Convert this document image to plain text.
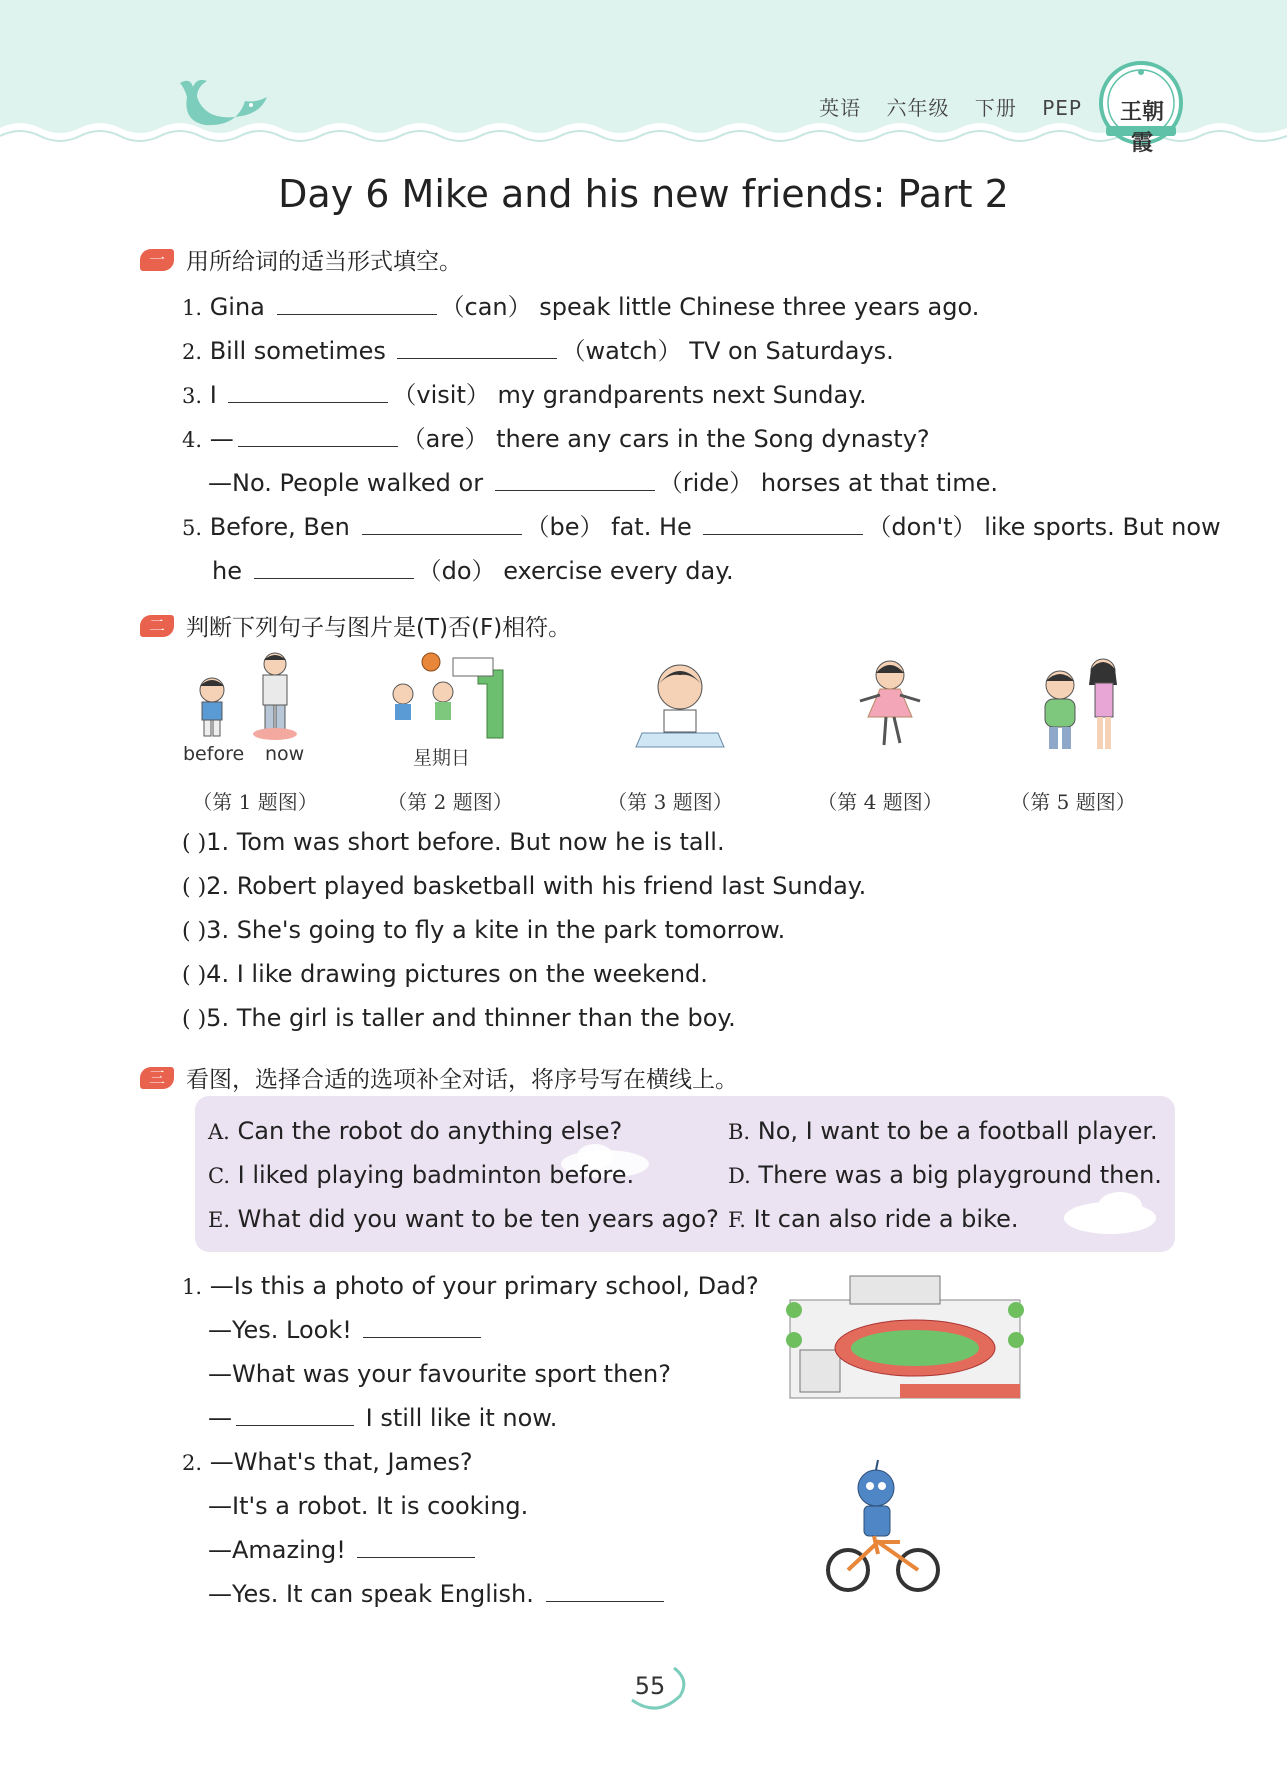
英语 六年级 下册 PEP	王朝霞
Day 6 Mike and his new friends: Part 2
一 用所给词的适当形式填空。
1. Gina	（can） speak little Chinese three years ago.
2. Bill sometimes	（watch） TV on Saturdays.
3. I	（visit） my grandparents next Sunday.
4. —	（are） there any cars in the Song dynasty?
—No. People walked or	（ride） horses at that time.
5. Before, Ben	（be） fat. He	（don't） like sports. But now
he	（do） exercise every day.
二 判断下列句子与图片是(T)否(F)相符。
before now	星期日
（第 1 题图）	（第 2 题图）	（第 3 题图）	（第 4 题图）	（第 5 题图）
( )1. Tom was short before. But now he is tall.
( )2. Robert played basketball with his friend last Sunday.
( )3. She's going to fly a kite in the park tomorrow.
( )4. I like drawing pictures on the weekend.
( )5. The girl is taller and thinner than the boy.
三 看图，选择合适的选项补全对话，将序号写在横线上。
A. Can the robot do anything else?	B. No, I want to be a football player.
C. I liked playing badminton before.	D. There was a big playground then.
E. What did you want to be ten years ago? F. It can also ride a bike.
1. —Is this a photo of your primary school, Dad?
—Yes. Look!
—What was your favourite sport then?
—	I still like it now.
2. —What's that, James?
—It's a robot. It is cooking.
—Amazing!
—Yes. It can speak English.
55
